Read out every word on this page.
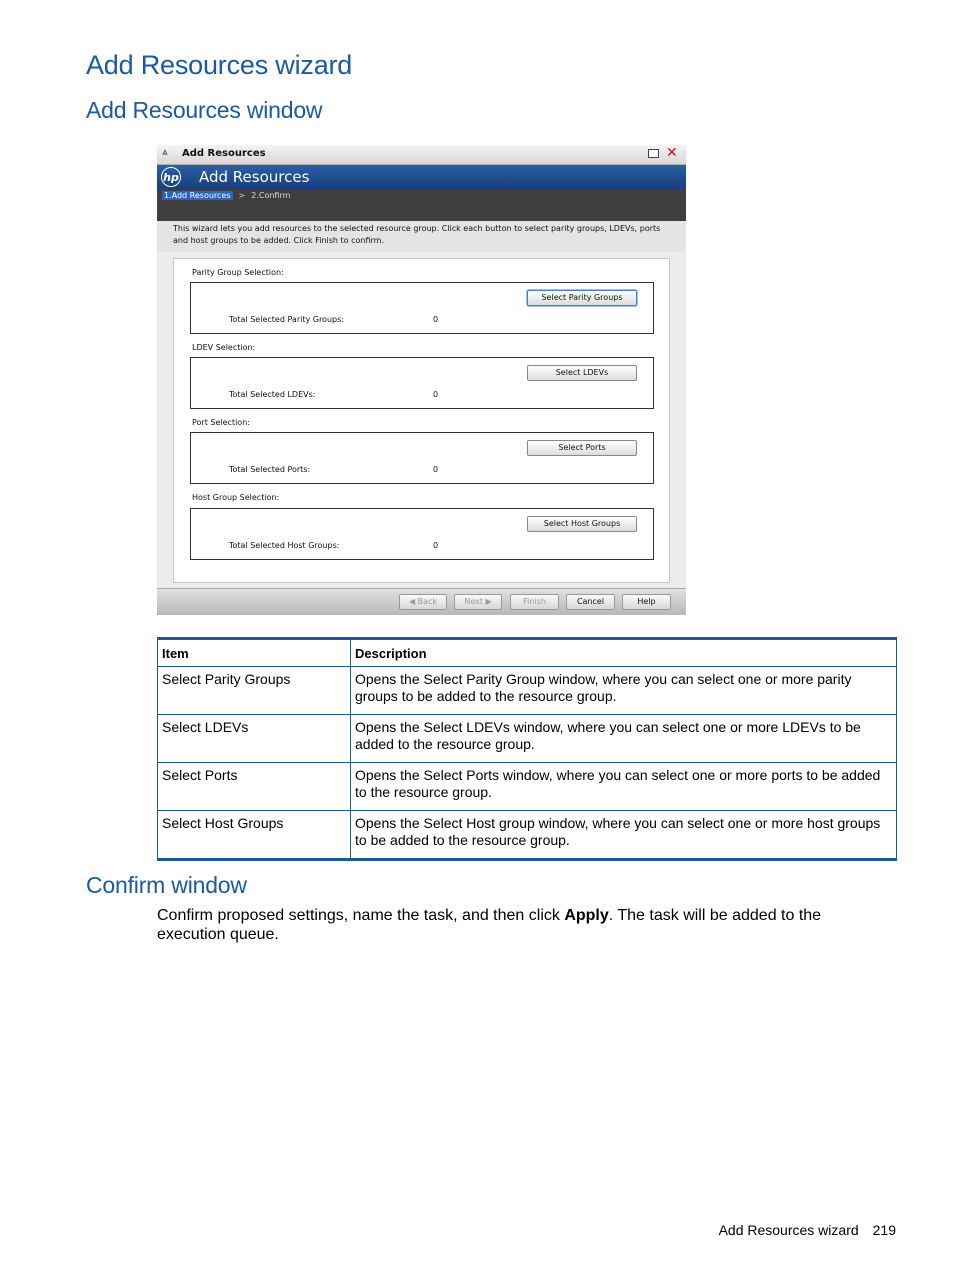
Add Resources wizard
Add Resources window
⩓ Add Resources	✕
hp Add Resources
1.Add Resources > 2.Confirm

This wizard lets you add resources to the selected resource group. Click each button to select parity groups, LDEVs, ports and host groups to be added. Click Finish to confirm.

Parity Group Selection:
Select Parity Groups
Total Selected Parity Groups:	0
LDEV Selection:
Select LDEVs
Total Selected LDEVs:	0
Port Selection:
Select Ports
Total Selected Ports:	0
Host Group Selection:
Select Host Groups
Total Selected Host Groups:	0
◀ Back	Next ▶	Finish	Cancel	Help
Item	Description
Select Parity Groups	Opens the Select Parity Group window, where you can select one or more parity groups to be added to the resource group.
Select LDEVs	Opens the Select LDEVs window, where you can select one or more LDEVs to be added to the resource group.
Select Ports	Opens the Select Ports window, where you can select one or more ports to be added to the resource group.
Select Host Groups	Opens the Select Host group window, where you can select one or more host groups to be added to the resource group.
Confirm window

Confirm proposed settings, name the task, and then click Apply. The task will be added to the execution queue.

Add Resources wizard 219
